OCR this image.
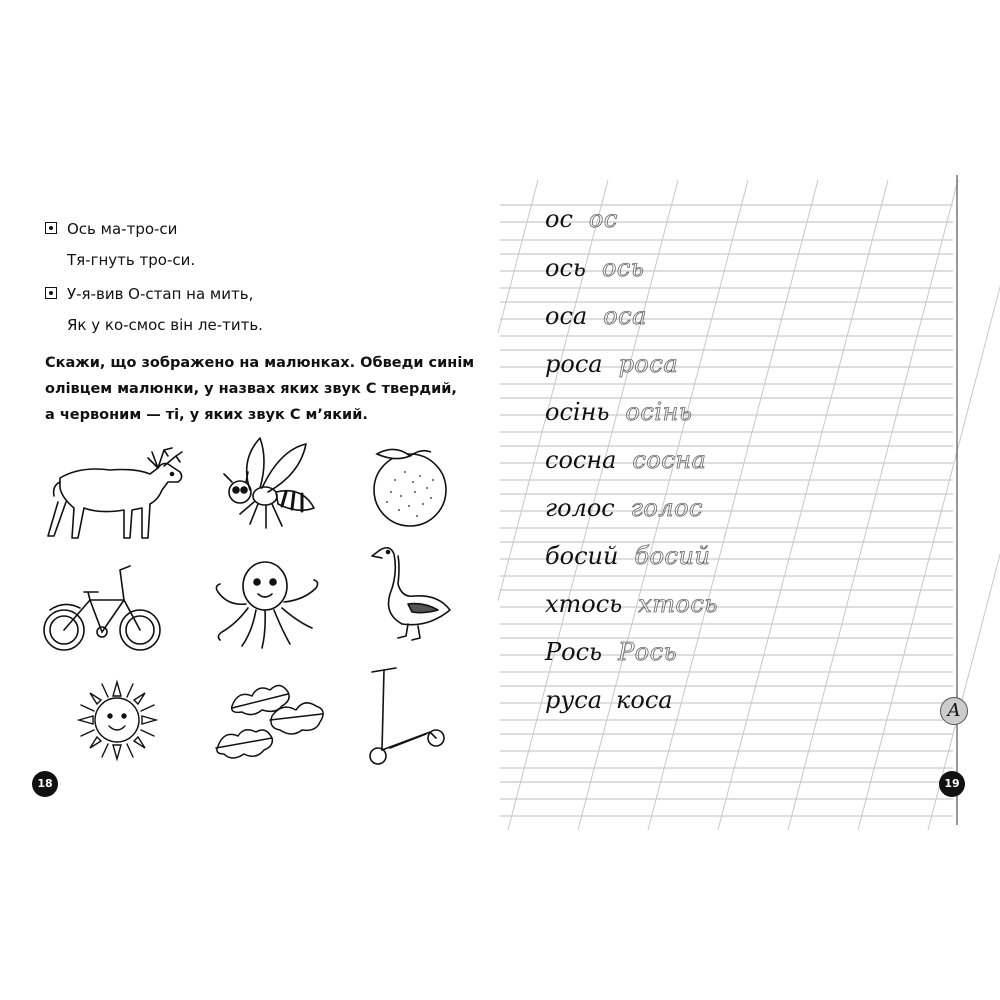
Ось ма-тро-си
Тя-гнуть тро-си.
У-я-вив О-стап на мить,
Як у ко-смос він ле-тить.
Скажи, що зображено на малюнках. Обведи синім
олівцем малюнки, у назвах яких звук С твердий,
а червоним — ті, у яких звук С м’який.
18	19
ос ос
ось ось
оса оса
роса роса
осінь осінь
сосна сосна
голос голос
босий босий
хтось хтось
Рось Рось
руса коса	A
